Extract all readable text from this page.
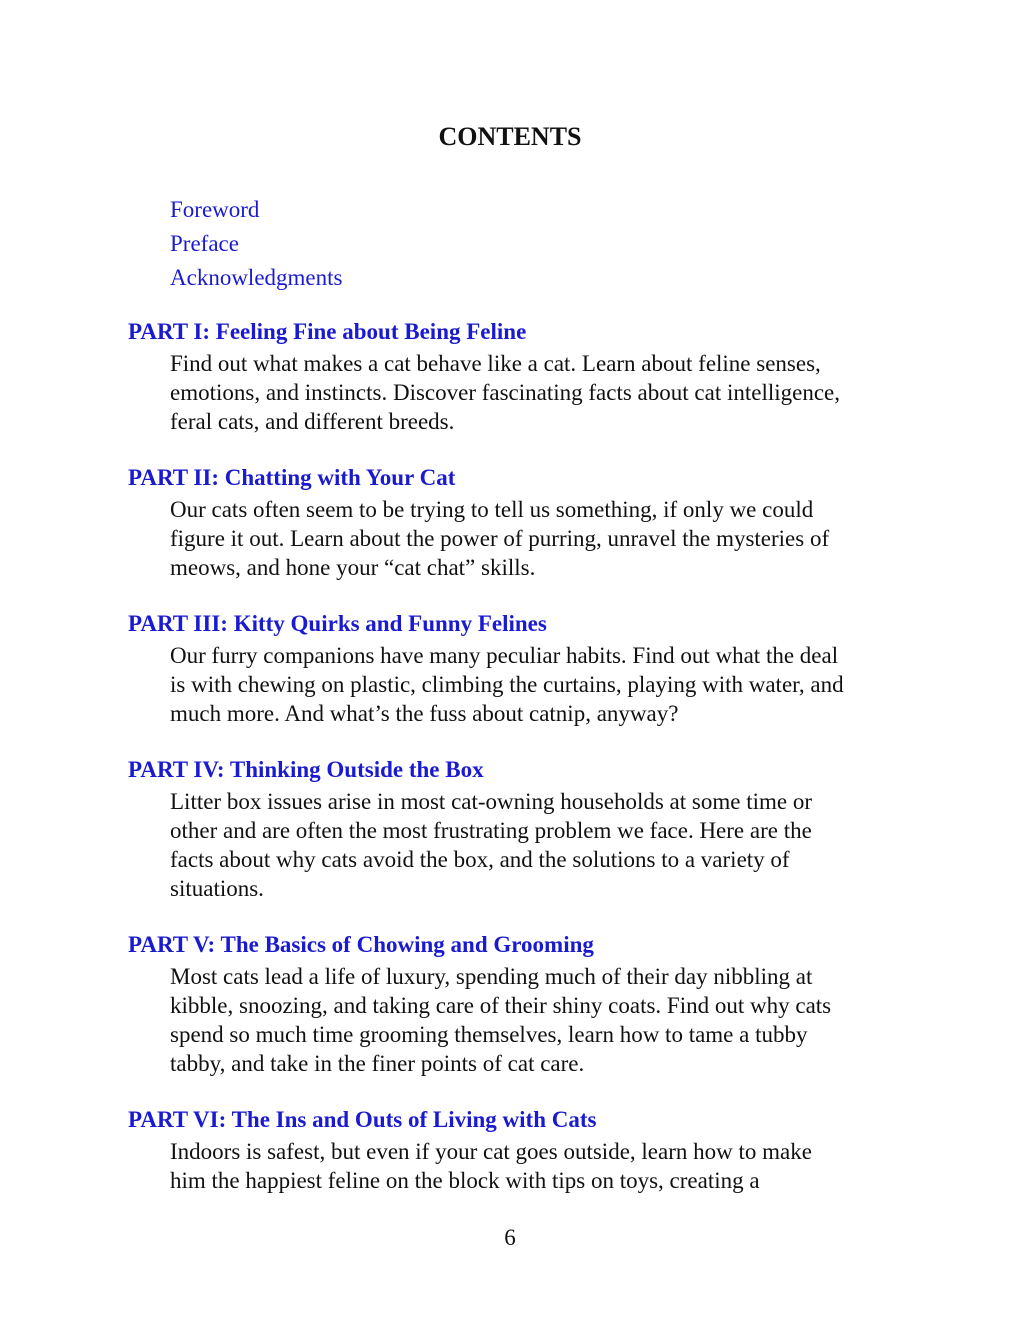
CONTENTS
Foreword
Preface
Acknowledgments
PART I: Feeling Fine about Being Feline
Find out what makes a cat behave like a cat. Learn about feline senses,
emotions, and instincts. Discover fascinating facts about cat intelligence,
feral cats, and different breeds.
PART II: Chatting with Your Cat
Our cats often seem to be trying to tell us something, if only we could
figure it out. Learn about the power of purring, unravel the mysteries of
meows, and hone your “cat chat” skills.
PART III: Kitty Quirks and Funny Felines
Our furry companions have many peculiar habits. Find out what the deal
is with chewing on plastic, climbing the curtains, playing with water, and
much more. And what’s the fuss about catnip, anyway?
PART IV: Thinking Outside the Box
Litter box issues arise in most cat-owning households at some time or
other and are often the most frustrating problem we face. Here are the
facts about why cats avoid the box, and the solutions to a variety of
situations.
PART V: The Basics of Chowing and Grooming
Most cats lead a life of luxury, spending much of their day nibbling at
kibble, snoozing, and taking care of their shiny coats. Find out why cats
spend so much time grooming themselves, learn how to tame a tubby
tabby, and take in the finer points of cat care.
PART VI: The Ins and Outs of Living with Cats
Indoors is safest, but even if your cat goes outside, learn how to make
him the happiest feline on the block with tips on toys, creating a
6
